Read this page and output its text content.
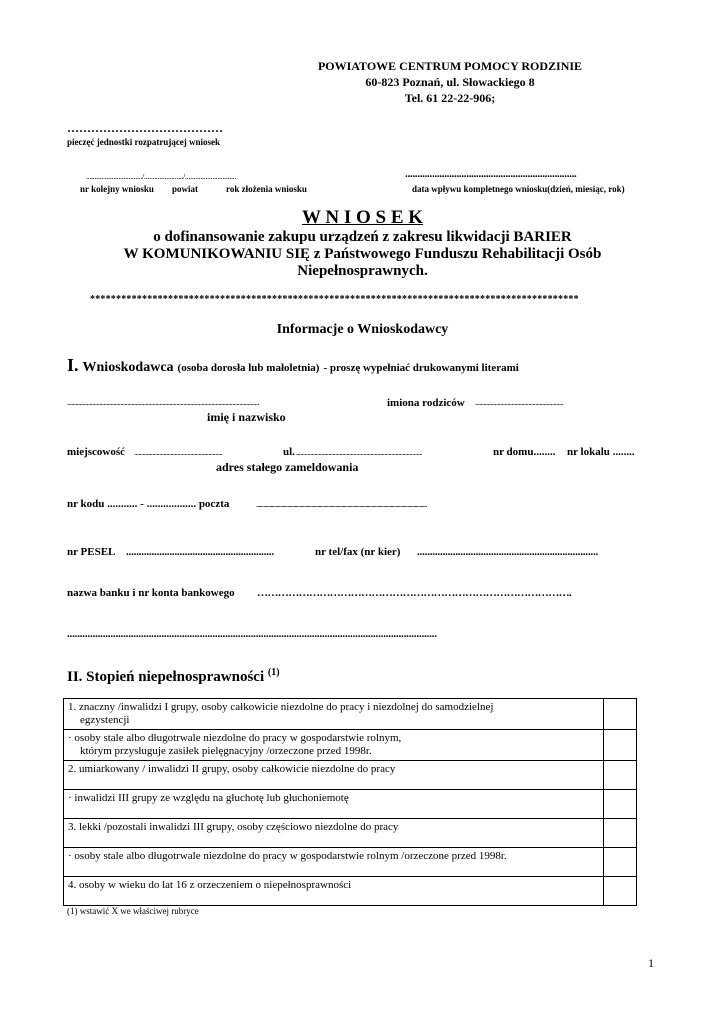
POWIATOWE CENTRUM POMOCY RODZINIE
60-823 Poznań, ul. Słowackiego 8
Tel. 61 22-22-906;
…………………………………
pieczęć jednostki rozpatrującej wniosek
................................./......................./..............................
nr kolejny wniosku powiat	rok złożenia wniosku
......................................................................
data wpływu kompletnego wniosku(dzień, miesiąc, rok)
W N I O S E K
o dofinansowanie zakupu urządzeń z zakresu likwidacji BARIER
W KOMUNIKOWANIU SIĘ z Państwowego Funduszu Rehabilitacji Osób
Niepełnosprawnych.
**********************************************************************************************
Informacje o Wnioskodawcy
I. Wnioskodawca (osoba dorosła lub małoletnia) - proszę wypełniać drukowanymi literami
.........................................................................................................................................	imiona rodziców ...............................................................
imię i nazwisko
miejscowość ...............................................................	ul. ..........................................................................................	nr domu........ nr lokalu ........
adres stałego zameldowania
nr kodu ........... - .................. poczta	..............................................................................................................................................
nr PESEL ..........................................................	nr tel/fax (nr kier) .......................................................................
nazwa banku i nr konta bankowego ……………………………………………………………………………….
.................................................................................................................................................
II. Stopień niepełnosprawności $^{(1)}$
1. znaczny /inwalidzi I grupy, osoby całkowicie niezdolne do pracy i niezdolnej do samodzielnej
egzystencji	

· osoby stale albo długotrwale niezdolne do pracy w gospodarstwie rolnym,
którym przysługuje zasiłek pielęgnacyjny /orzeczone przed 1998r.	

2. umiarkowany / inwalidzi II grupy, osoby całkowicie niezdolne do pracy	
· inwalidzi III grupy ze względu na głuchotę lub głuchoniemotę	
3. lekki /pozostali inwalidzi III grupy, osoby częściowo niezdolne do pracy	
· osoby stale albo długotrwale niezdolne do pracy w gospodarstwie rolnym /orzeczone przed 1998r.	
4. osoby w wieku do lat 16 z orzeczeniem o niepełnosprawności	
(1) wstawić X we właściwej rubryce
1
